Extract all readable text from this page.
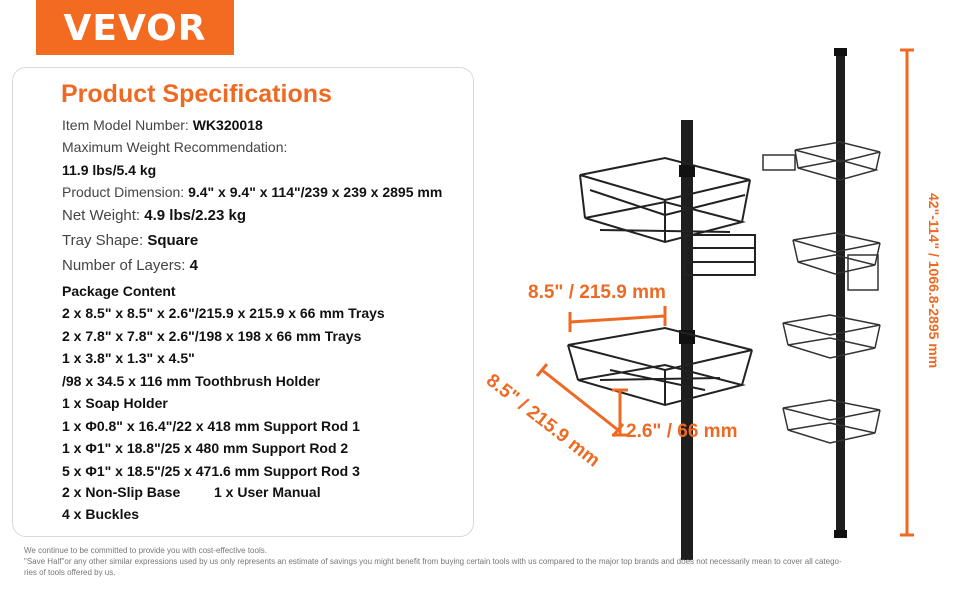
VEVOR
Product Specifications
Item Model Number: WK320018
Maximum Weight Recommendation:
11.9 lbs/5.4 kg
Product Dimension: 9.4" x 9.4" x 114"/239 x 239 x 2895 mm
Net Weight: 4.9 lbs/2.23 kg
Tray Shape: Square
Number of Layers: 4
Package Content
2 x 8.5" x 8.5" x 2.6"/215.9 x 215.9 x 66 mm Trays
2 x 7.8" x 7.8" x 2.6"/198 x 198 x 66 mm Trays
1 x 3.8" x 1.3" x 4.5"
/98 x 34.5 x 116 mm Toothbrush Holder
1 x Soap Holder
1 x Φ0.8" x 16.4"/22 x 418 mm Support Rod 1
1 x Φ1" x 18.8"/25 x 480 mm Support Rod 2
5 x Φ1" x 18.5"/25 x 471.6 mm Support Rod 3
2 x Non-Slip Base 1 x User Manual
4 x Buckles
8.5" / 215.9 mm
8.5" / 215.9 mm 2.6" / 66 mm
42"-114" / 1066.8-2895 mm
We continue to be committed to provide you with cost-effective tools.
"Save Half"or any other similar expressions used by us only represents an estimate of savings you might benefit from buying certain tools with us compared to the major top brands and does not necessarily mean to cover all catego-
ries of tools offered by us.
